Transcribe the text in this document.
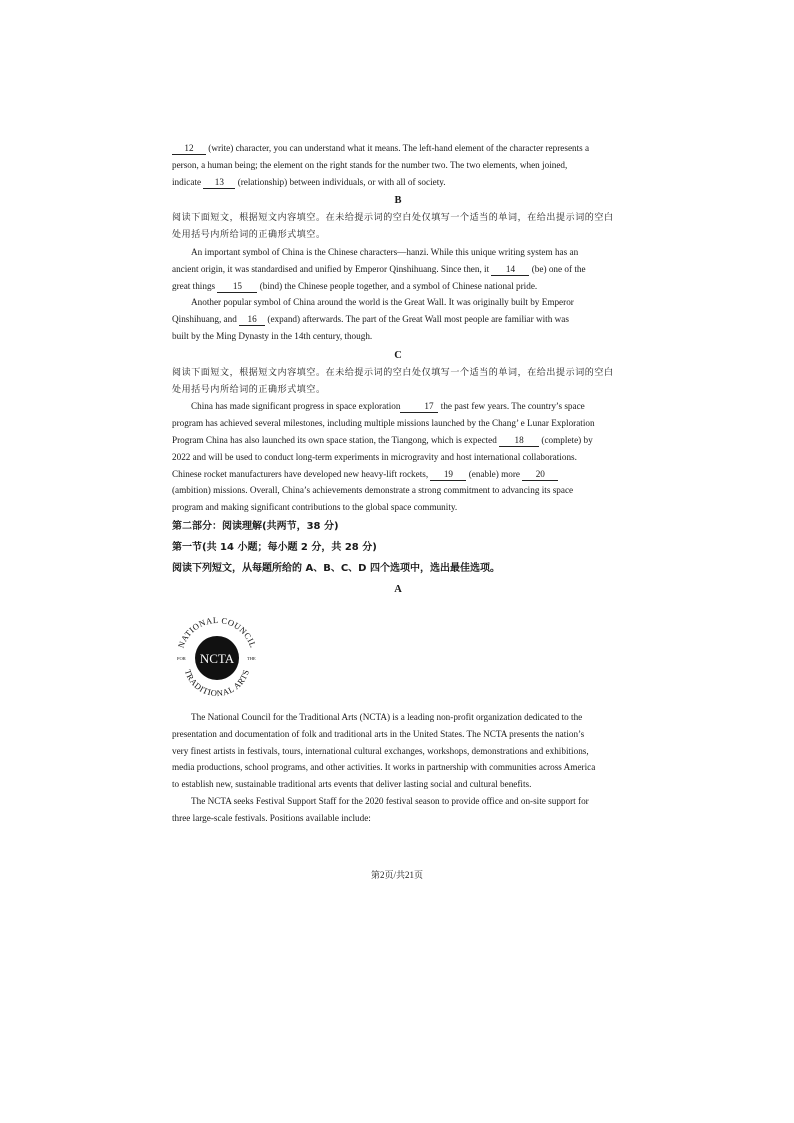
12 (write) character, you can understand what it means. The left-hand element of the character represents a

person, a human being; the element on the right stands for the number two. The two elements, when joined,

indicate 13 (relationship) between individuals, or with all of society.

B

阅读下面短文，根据短文内容填空。在未给提示词的空白处仅填写一个适当的单词，在给出提示词的空白

处用括号内所给词的正确形式填空。

An important symbol of China is the Chinese characters—hanzi. While this unique writing system has an

ancient origin, it was standardised and unified by Emperor Qinshihuang. Since then, it 14 (be) one of the

great things 15 (bind) the Chinese people together, and a symbol of Chinese national pride.

Another popular symbol of China around the world is the Great Wall. It was originally built by Emperor

Qinshihuang, and 16 (expand) afterwards. The part of the Great Wall most people are familiar with was

built by the Ming Dynasty in the 14th century, though.

C

阅读下面短文，根据短文内容填空。在未给提示词的空白处仅填写一个适当的单词，在给出提示词的空白

处用括号内所给词的正确形式填空。

China has made significant progress in space exploration	17 the past few years. The country’s space

program has achieved several milestones, including multiple missions launched by the Chang’ e Lunar Exploration

Program China has also launched its own space station, the Tiangong, which is expected 18 (complete) by

2022 and will be used to conduct long-term experiments in microgravity and host international collaborations.

Chinese rocket manufacturers have developed new heavy-lift rockets, 19 (enable) more 20

(ambition) missions. Overall, China’s achievements demonstrate a strong commitment to advancing its space

program and making significant contributions to the global space community.

第二部分：阅读理解(共两节，38 分)

第一节(共 14 小题；每小题 2 分，共 28 分)

阅读下列短文，从每题所给的 A、B、C、D 四个选项中，选出最佳选项。

A
NCTA
NATIONAL COUNCIL
TRADITIONAL ARTS
FOR	THE

The National Council for the Traditional Arts (NCTA) is a leading non-profit organization dedicated to the

presentation and documentation of folk and traditional arts in the United States. The NCTA presents the nation’s

very finest artists in festivals, tours, international cultural exchanges, workshops, demonstrations and exhibitions,

media productions, school programs, and other activities. It works in partnership with communities across America

to establish new, sustainable traditional arts events that deliver lasting social and cultural benefits.

The NCTA seeks Festival Support Staff for the 2020 festival season to provide office and on-site support for

three large-scale festivals. Positions available include:

第2页/共21页
